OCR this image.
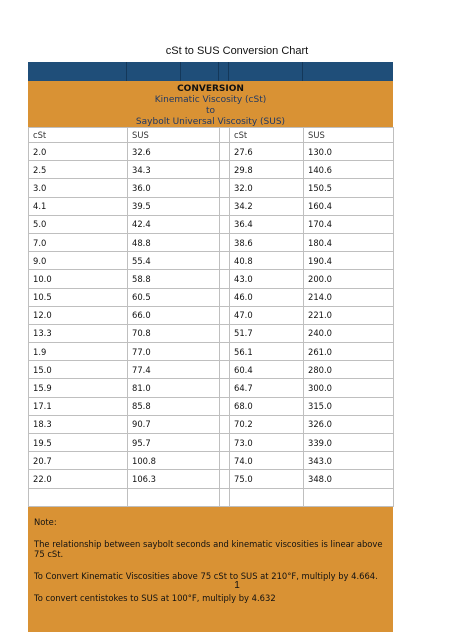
cSt to SUS Conversion Chart
CONVERSION
Kinematic Viscosity (cSt)
to
Saybolt Universal Viscosity (SUS)
cSt	SUS		cSt	SUS
2.0	32.6		27.6	130.0
2.5	34.3		29.8	140.6
3.0	36.0		32.0	150.5
4.1	39.5		34.2	160.4
5.0	42.4		36.4	170.4
7.0	48.8		38.6	180.4
9.0	55.4		40.8	190.4
10.0	58.8		43.0	200.0
10.5	60.5		46.0	214.0
12.0	66.0		47.0	221.0
13.3	70.8		51.7	240.0
1.9	77.0		56.1	261.0
15.0	77.4		60.4	280.0
15.9	81.0		64.7	300.0
17.1	85.8		68.0	315.0
18.3	90.7		70.2	326.0
19.5	95.7		73.0	339.0
20.7	100.8		74.0	343.0
22.0	106.3		75.0	348.0

Note:

The relationship between saybolt seconds and kinematic viscosities is linear above 75 cSt.

To Convert Kinematic Viscosities above 75 cSt to SUS at 210°F, multiply by 4.664.

To convert centistokes to SUS at 100°F, multiply by 4.632

1
